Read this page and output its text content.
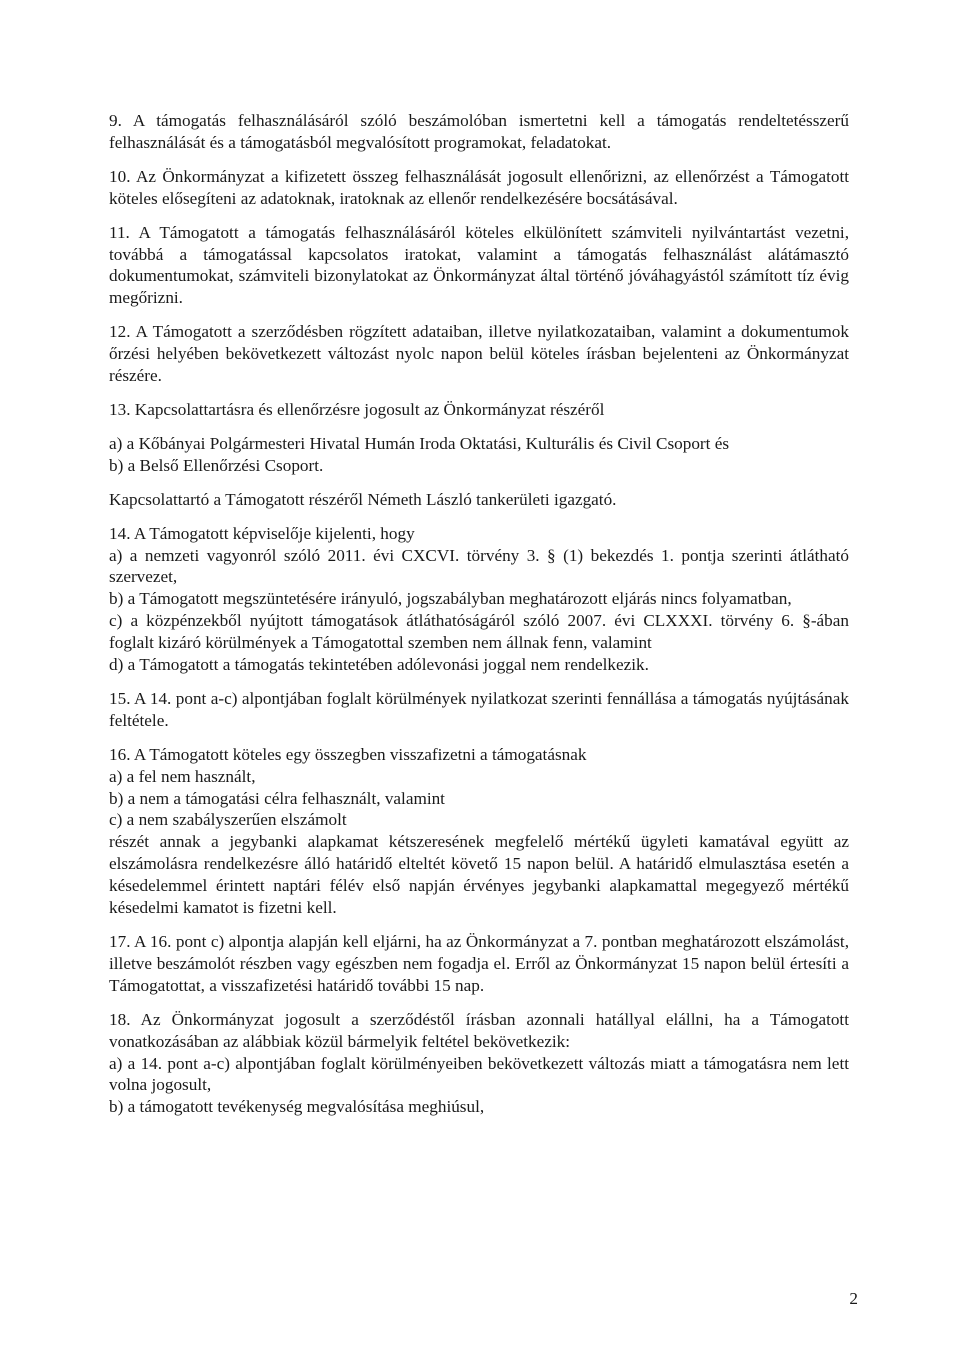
9. A támogatás felhasználásáról szóló beszámolóban ismertetni kell a támogatás rendeltetésszerű felhasználását és a támogatásból megvalósított programokat, feladatokat.

10. Az Önkormányzat a kifizetett összeg felhasználását jogosult ellenőrizni, az ellenőrzést a Támogatott köteles elősegíteni az adatoknak, iratoknak az ellenőr rendelkezésére bocsátásával.

11. A Támogatott a támogatás felhasználásáról köteles elkülönített számviteli nyilvántartást vezetni, továbbá a támogatással kapcsolatos iratokat, valamint a támogatás felhasználást alátámasztó dokumentumokat, számviteli bizonylatokat az Önkormányzat által történő jóváhagyástól számított tíz évig megőrizni.

12. A Támogatott a szerződésben rögzített adataiban, illetve nyilatkozataiban, valamint a dokumentumok őrzési helyében bekövetkezett változást nyolc napon belül köteles írásban bejelenteni az Önkormányzat részére.

13. Kapcsolattartásra és ellenőrzésre jogosult az Önkormányzat részéről

a) a Kőbányai Polgármesteri Hivatal Humán Iroda Oktatási, Kulturális és Civil Csoport és
b) a Belső Ellenőrzési Csoport.

Kapcsolattartó a Támogatott részéről Németh László tankerületi igazgató.

14. A Támogatott képviselője kijelenti, hogy
a) a nemzeti vagyonról szóló 2011. évi CXCVI. törvény 3. § (1) bekezdés 1. pontja szerinti átlátható szervezet,
b) a Támogatott megszüntetésére irányuló, jogszabályban meghatározott eljárás nincs folyamatban,
c) a közpénzekből nyújtott támogatások átláthatóságáról szóló 2007. évi CLXXXI. törvény 6. §-ában foglalt kizáró körülmények a Támogatottal szemben nem állnak fenn, valamint
d) a Támogatott a támogatás tekintetében adólevonási joggal nem rendelkezik.

15. A 14. pont a-c) alpontjában foglalt körülmények nyilatkozat szerinti fennállása a támogatás nyújtásának feltétele.

16. A Támogatott köteles egy összegben visszafizetni a támogatásnak
a) a fel nem használt,
b) a nem a támogatási célra felhasznált, valamint
c) a nem szabályszerűen elszámolt
részét annak a jegybanki alapkamat kétszeresének megfelelő mértékű ügyleti kamatával együtt az elszámolásra rendelkezésre álló határidő elteltét követő 15 napon belül. A határidő elmulasztása esetén a késedelemmel érintett naptári félév első napján érvényes jegybanki alapkamattal megegyező mértékű késedelmi kamatot is fizetni kell.

17. A 16. pont c) alpontja alapján kell eljárni, ha az Önkormányzat a 7. pontban meghatározott elszámolást, illetve beszámolót részben vagy egészben nem fogadja el. Erről az Önkormányzat 15 napon belül értesíti a Támogatottat, a visszafizetési határidő további 15 nap.

18. Az Önkormányzat jogosult a szerződéstől írásban azonnali hatállyal elállni, ha a Támogatott vonatkozásában az alábbiak közül bármelyik feltétel bekövetkezik:
a) a 14. pont a-c) alpontjában foglalt körülményeiben bekövetkezett változás miatt a támogatásra nem lett volna jogosult,
b) a támogatott tevékenység megvalósítása meghiúsul,
2
